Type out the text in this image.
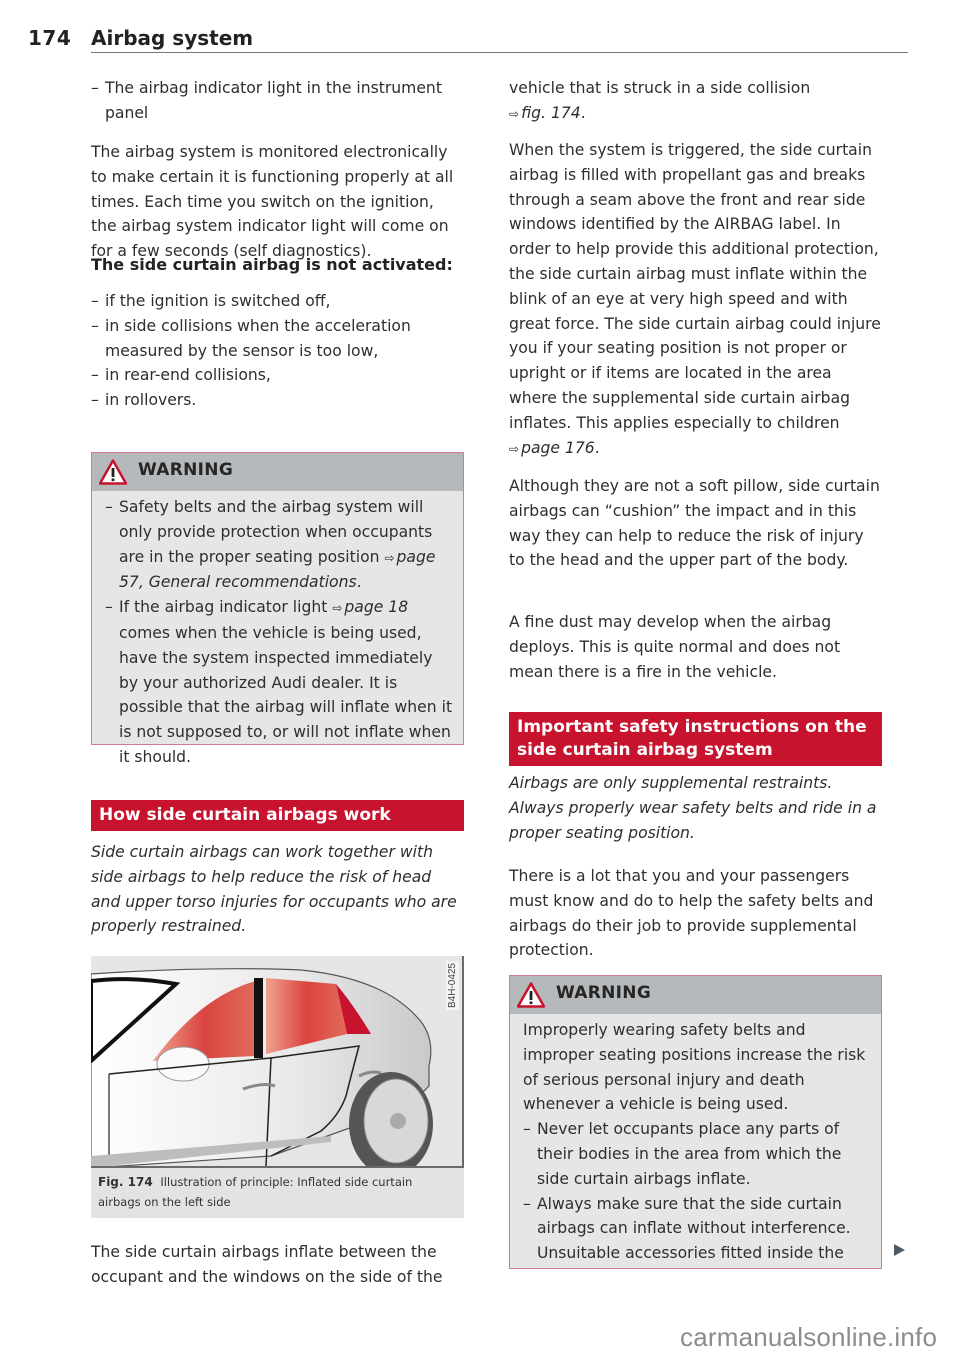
174 Airbag system
– The airbag indicator light in the instrument panel
The airbag system is monitored electronically to make certain it is functioning properly at all times. Each time you switch on the ignition, the airbag system indicator light will come on for a few seconds (self diagnostics).
The side curtain airbag is not activated:
– if the ignition is switched off,
– in side collisions when the acceleration measured by the sensor is too low,
– in rear-end collisions,
– in rollovers.
WARNING
– Safety belts and the airbag system will only provide protection when occupants are in the proper seating position ⇨ page 57, General recommendations.
– If the airbag indicator light ⇨ page 18 comes when the vehicle is being used, have the system inspected immediately by your authorized Audi dealer. It is possible that the airbag will inflate when it is not supposed to, or will not inflate when it should.
How side curtain airbags work
Side curtain airbags can work together with side airbags to help reduce the risk of head and upper torso injuries for occupants who are properly restrained.
B4H-0425
Fig. 174 Illustration of principle: Inflated side curtain airbags on the left side
The side curtain airbags inflate between the occupant and the windows on the side of the
vehicle that is struck in a side collision
⇨ fig. 174.
When the system is triggered, the side curtain airbag is filled with propellant gas and breaks through a seam above the front and rear side windows identified by the AIRBAG label. In order to help provide this additional protection, the side curtain airbag must inflate within the blink of an eye at very high speed and with great force. The side curtain airbag could injure you if your seating position is not proper or upright or if items are located in the area where the supplemental side curtain airbag inflates. This applies especially to children ⇨ page 176.
Although they are not a soft pillow, side curtain airbags can “cushion” the impact and in this way they can help to reduce the risk of injury to the head and the upper part of the body.
A fine dust may develop when the airbag deploys. This is quite normal and does not mean there is a fire in the vehicle.
Important safety instructions on the side curtain airbag system
Airbags are only supplemental restraints. Always properly wear safety belts and ride in a proper seating position.
There is a lot that you and your passengers must know and do to help the safety belts and airbags do their job to provide supplemental protection.
WARNING
Improperly wearing safety belts and improper seating positions increase the risk of serious personal injury and death whenever a vehicle is being used.
– Never let occupants place any parts of their bodies in the area from which the side curtain airbags inflate.
– Always make sure that the side curtain airbags can inflate without interference. Unsuitable accessories fitted inside the
carmanualsonline.info
